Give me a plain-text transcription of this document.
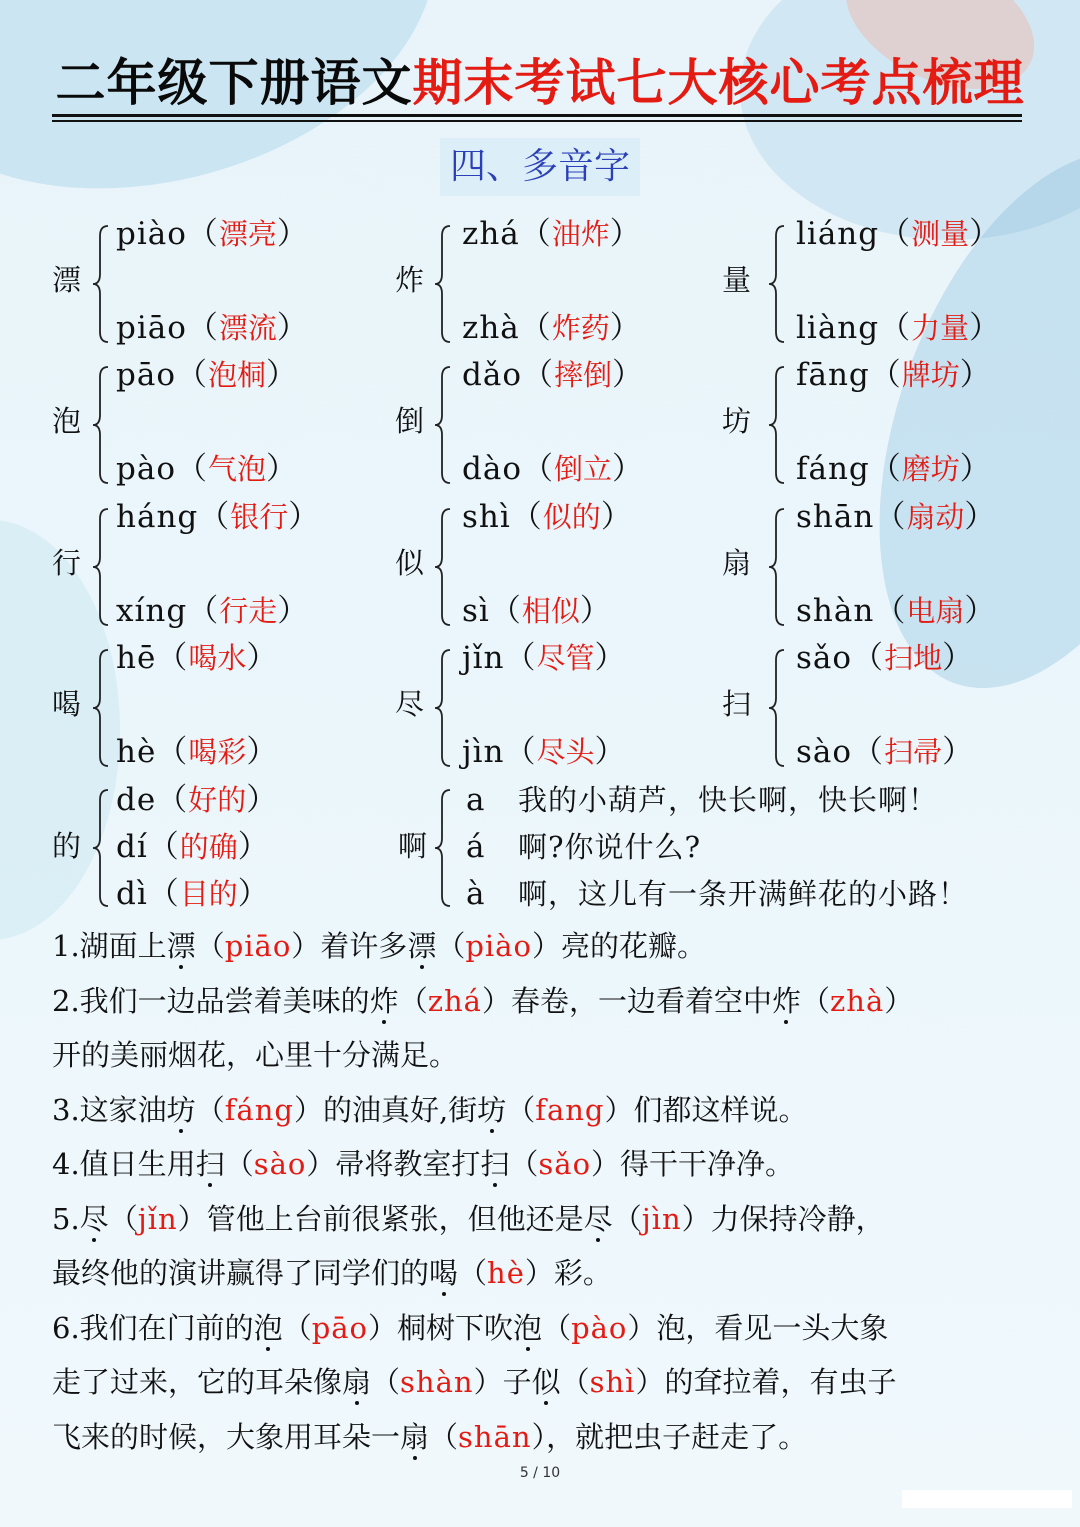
二年级下册语文期末考试七大核心考点梳理
四、多音字
漂
piào（漂亮）
piāo（漂流）
炸
zhá（油炸）
zhà（炸药）
量
liáng（测量）
liàng（力量）
泡
pāo（泡桐）
pào（气泡）
倒
dǎo（摔倒）
dào（倒立）
坊
fāng（牌坊）
fáng（磨坊）
行
háng（银行）
xíng（行走）
似
shì（似的）
sì（相似）
扇
shān（扇动）
shàn（电扇）
喝
hē（喝水）
hè（喝彩）
尽
jǐn（尽管）
jìn（尽头）
扫
sǎo（扫地）
sào（扫帚）
的
de（好的）
dí（的确）
dì（目的）
啊
a 我的小葫芦，快长啊，快长啊！
á 啊?你说什么?
à 啊，这儿有一条开满鲜花的小路！
1.湖面上漂（piāo）着许多漂（piào）亮的花瓣。
2.我们一边品尝着美味的炸（zhá）春卷，一边看着空中炸（zhà）
开的美丽烟花，心里十分满足。
3.这家油坊（fáng）的油真好,街坊（fang）们都这样说。
4.值日生用扫（sào）帚将教室打扫（sǎo）得干干净净。
5.尽（jǐn）管他上台前很紧张，但他还是尽（jìn）力保持冷静，
最终他的演讲赢得了同学们的喝（hè）彩。
6.我们在门前的泡（pāo）桐树下吹泡（pào）泡，看见一头大象
走了过来，它的耳朵像扇（shàn）子似（shì）的耷拉着，有虫子
飞来的时候，大象用耳朵一扇（shān），就把虫子赶走了。
5 / 10
